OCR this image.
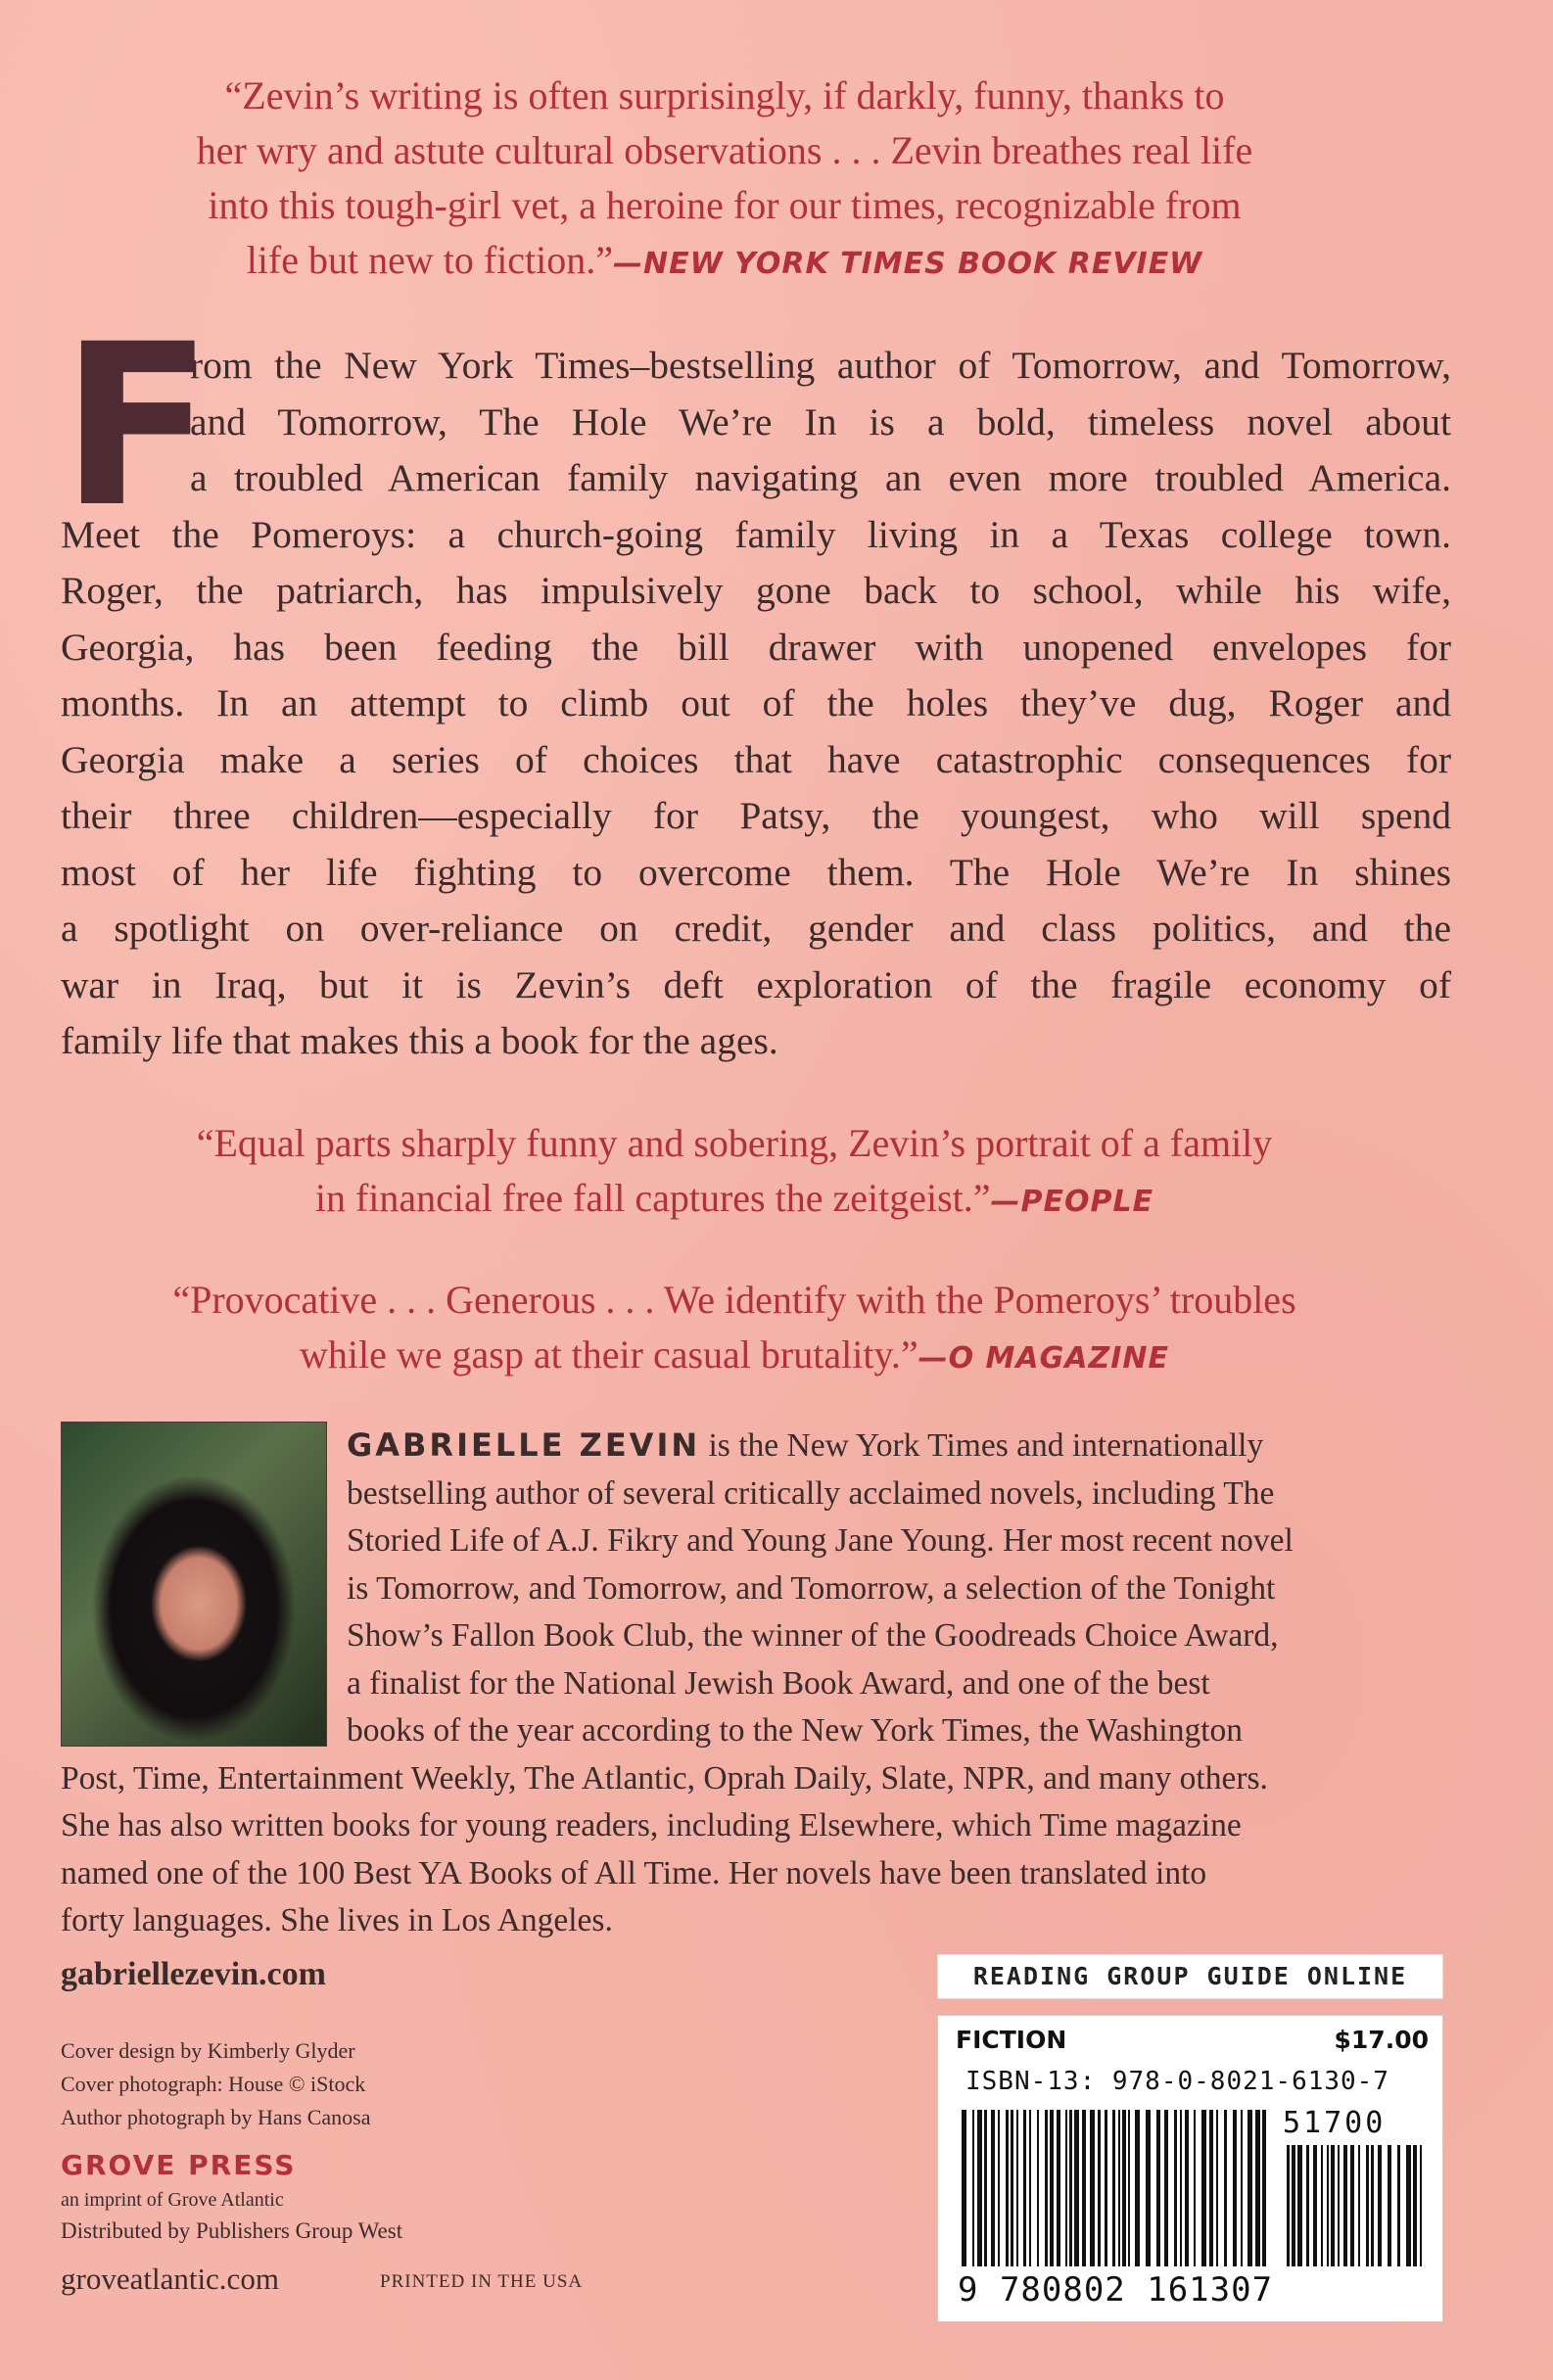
“Zevin’s writing is often surprisingly, if darkly, funny, thanks to
her wry and astute cultural observations . . . Zevin breathes real life
into this tough-girl vet, a heroine for our times, recognizable from
life but new to fiction.”—NEW YORK TIMES BOOK REVIEW
F
rom the New York Times–bestselling author of Tomorrow, and Tomorrow,
and Tomorrow, The Hole We’re In is a bold, timeless novel about
a troubled American family navigating an even more troubled America.
Meet the Pomeroys: a church-going family living in a Texas college town.
Roger, the patriarch, has impulsively gone back to school, while his wife,
Georgia, has been feeding the bill drawer with unopened envelopes for
months. In an attempt to climb out of the holes they’ve dug, Roger and
Georgia make a series of choices that have catastrophic consequences for
their three children—especially for Patsy, the youngest, who will spend
most of her life fighting to overcome them. The Hole We’re In shines
a spotlight on over-reliance on credit, gender and class politics, and the
war in Iraq, but it is Zevin’s deft exploration of the fragile economy of
family life that makes this a book for the ages.
“Equal parts sharply funny and sobering, Zevin’s portrait of a family
in financial free fall captures the zeitgeist.”—PEOPLE
“Provocative . . . Generous . . . We identify with the Pomeroys’ troubles
while we gasp at their casual brutality.”—O MAGAZINE
GABRIELLE ZEVIN is the New York Times and internationally
bestselling author of several critically acclaimed novels, including The
Storied Life of A.J. Fikry and Young Jane Young. Her most recent novel
is Tomorrow, and Tomorrow, and Tomorrow, a selection of the Tonight
Show’s Fallon Book Club, the winner of the Goodreads Choice Award,
a finalist for the National Jewish Book Award, and one of the best
books of the year according to the New York Times, the Washington
Post, Time, Entertainment Weekly, The Atlantic, Oprah Daily, Slate, NPR, and many others.
She has also written books for young readers, including Elsewhere, which Time magazine
named one of the 100 Best YA Books of All Time. Her novels have been translated into
forty languages. She lives in Los Angeles.
gabriellezevin.com
Cover design by Kimberly Glyder
Cover photograph: House © iStock
Author photograph by Hans Canosa
GROVE PRESS
an imprint of Grove Atlantic
Distributed by Publishers Group West
groveatlantic.com	PRINTED IN THE USA
READING GROUP GUIDE ONLINE
FICTION	$17.00
ISBN-13: 978-0-8021-6130-7
51700
9 780802 161307
